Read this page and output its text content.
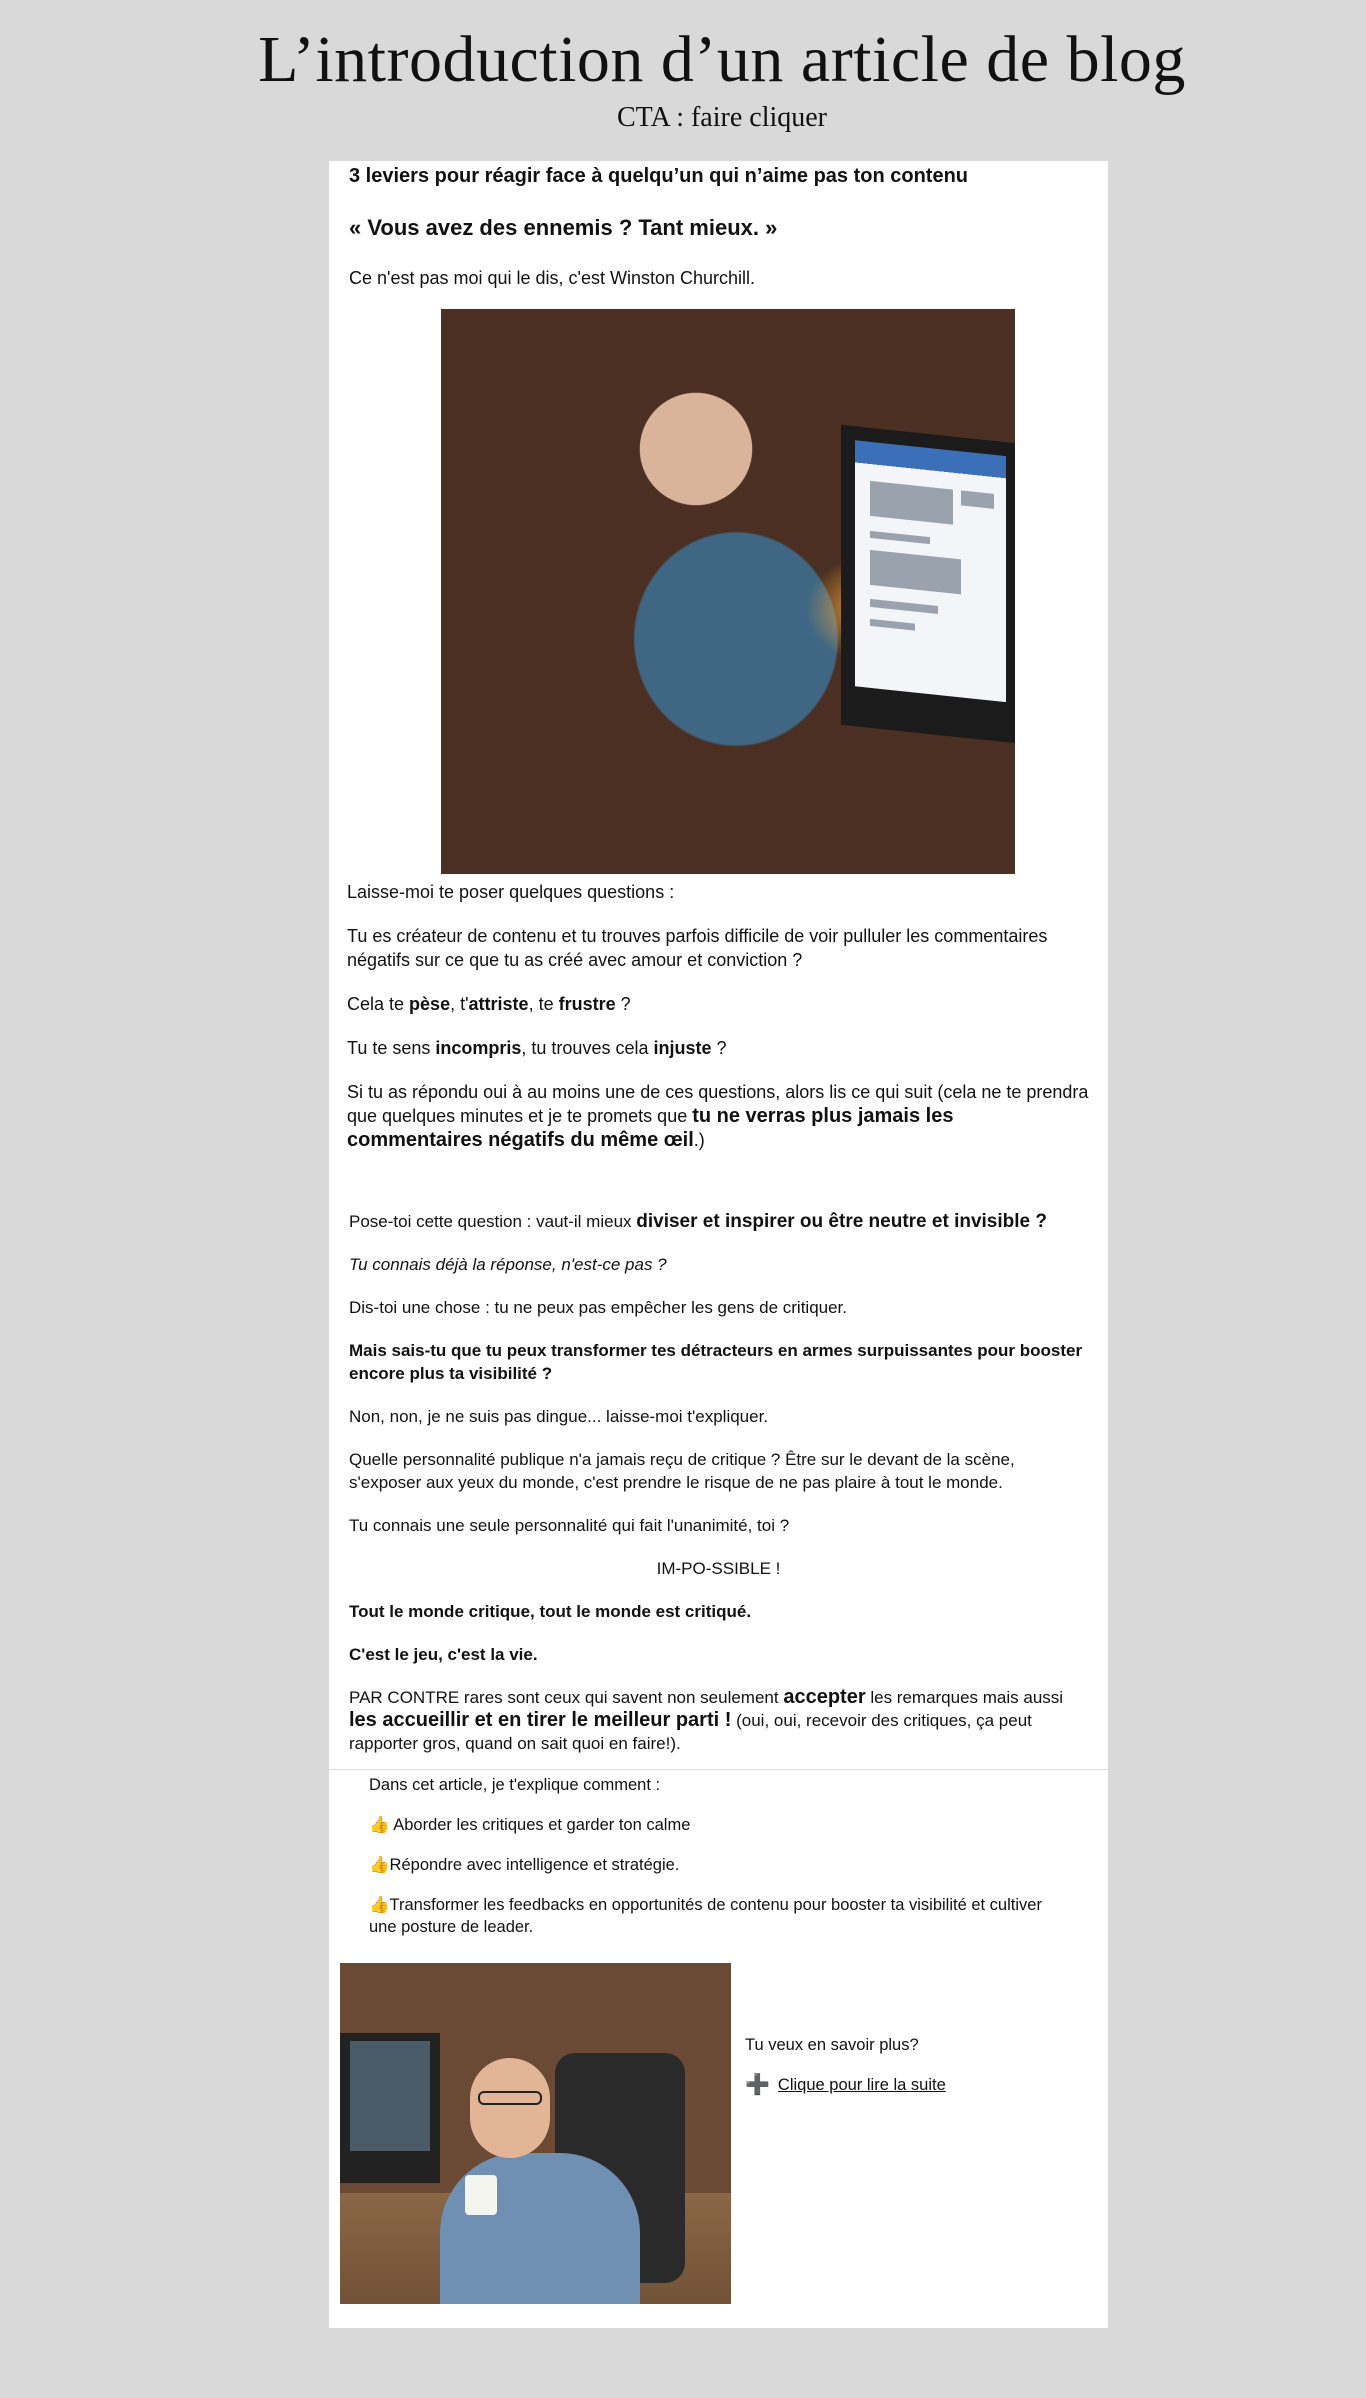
L’introduction d’un article de blog
CTA : faire cliquer

3 leviers pour réagir face à quelqu’un qui n’aime pas ton contenu

« Vous avez des ennemis ? Tant mieux. »

Ce n'est pas moi qui le dis, c'est Winston Churchill.

Laisse-moi te poser quelques questions :

Tu es créateur de contenu et tu trouves parfois difficile de voir pulluler les commentaires négatifs sur ce que tu as créé avec amour et conviction ?

Cela te pèse, t'attriste, te frustre ?

Tu te sens incompris, tu trouves cela injuste ?

Si tu as répondu oui à au moins une de ces questions, alors lis ce qui suit (cela ne te prendra que quelques minutes et je te promets que tu ne verras plus jamais les commentaires négatifs du même œil.)

Pose-toi cette question : vaut-il mieux diviser et inspirer ou être neutre et invisible ?

Tu connais déjà la réponse, n'est-ce pas ?

Dis-toi une chose : tu ne peux pas empêcher les gens de critiquer.

Mais sais-tu que tu peux transformer tes détracteurs en armes surpuissantes pour booster encore plus ta visibilité ?

Non, non, je ne suis pas dingue... laisse-moi t'expliquer.

Quelle personnalité publique n'a jamais reçu de critique ? Être sur le devant de la scène, s'exposer aux yeux du monde, c'est prendre le risque de ne pas plaire à tout le monde.

Tu connais une seule personnalité qui fait l'unanimité, toi ?

IM-PO-SSIBLE !

Tout le monde critique, tout le monde est critiqué.

C'est le jeu, c'est la vie.

PAR CONTRE rares sont ceux qui savent non seulement accepter les remarques mais aussi les accueillir et en tirer le meilleur parti ! (oui, oui, recevoir des critiques, ça peut rapporter gros, quand on sait quoi en faire!).

Dans cet article, je t'explique comment :

👍 Aborder les critiques et garder ton calme

👍Répondre avec intelligence et stratégie.

👍Transformer les feedbacks en opportunités de contenu pour booster ta visibilité et cultiver une posture de leader.

Tu veux en savoir plus?

➕ Clique pour lire la suite
